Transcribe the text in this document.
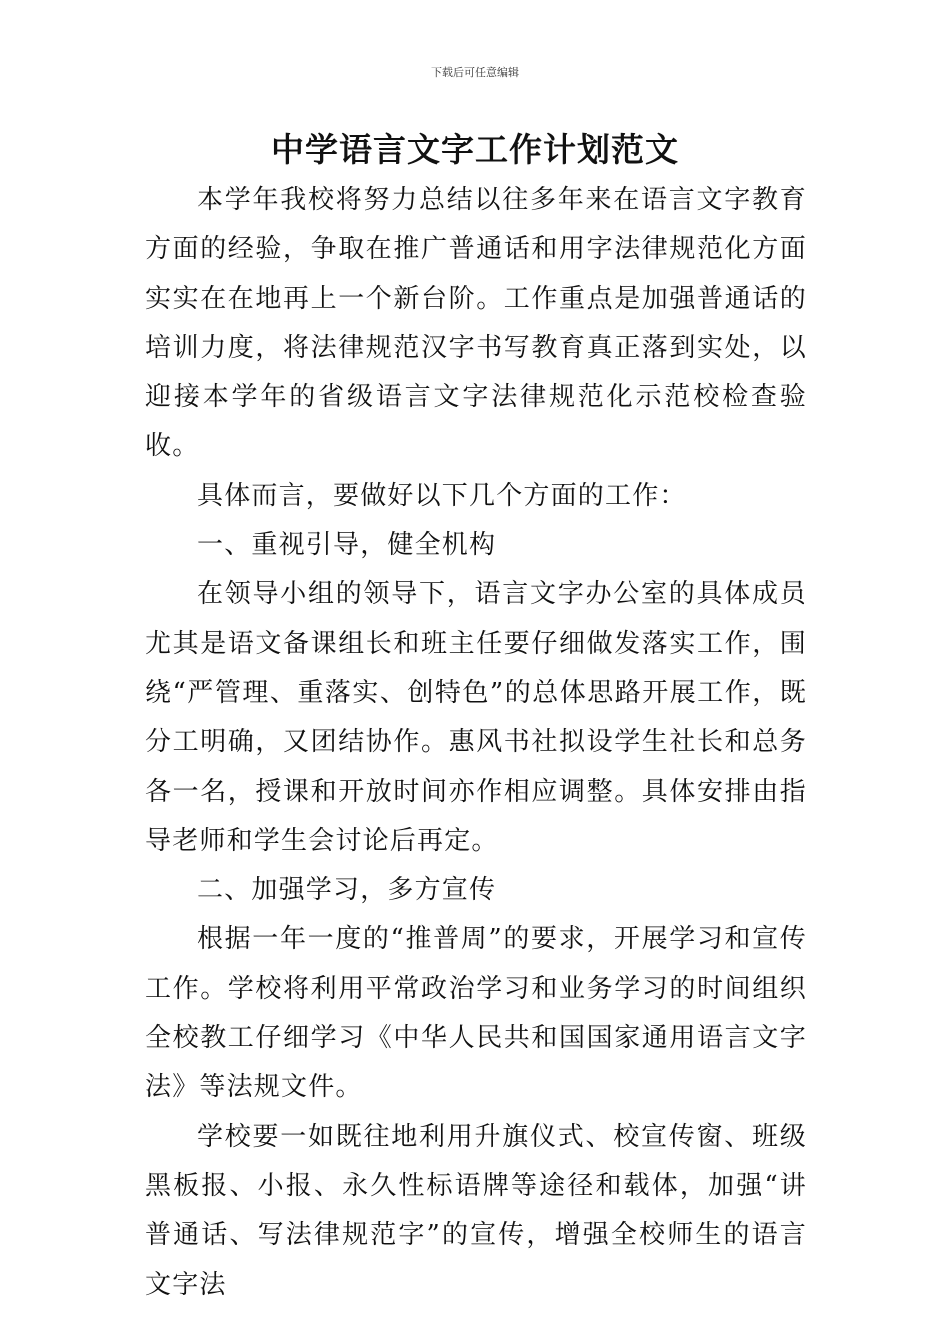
下载后可任意编辑
中学语言文字工作计划范文

本学年我校将努力总结以往多年来在语言文字教育方面的经验，争取在推广普通话和用字法律规范化方面实实在在地再上一个新台阶。工作重点是加强普通话的培训力度，将法律规范汉字书写教育真正落到实处，以迎接本学年的省级语言文字法律规范化示范校检查验收。

具体而言，要做好以下几个方面的工作：

一、重视引导，健全机构

在领导小组的领导下，语言文字办公室的具体成员尤其是语文备课组长和班主任要仔细做发落实工作，围绕“严管理、重落实、创特色”的总体思路开展工作，既分工明确，又团结协作。惠风书社拟设学生社长和总务各一名，授课和开放时间亦作相应调整。具体安排由指导老师和学生会讨论后再定。

二、加强学习，多方宣传

根据一年一度的“推普周”的要求，开展学习和宣传工作。学校将利用平常政治学习和业务学习的时间组织全校教工仔细学习《中华人民共和国国家通用语言文字法》等法规文件。

学校要一如既往地利用升旗仪式、校宣传窗、班级黑板报、小报、永久性标语牌等途径和载体，加强“讲普通话、写法律规范字”的宣传，增强全校师生的语言文字法
